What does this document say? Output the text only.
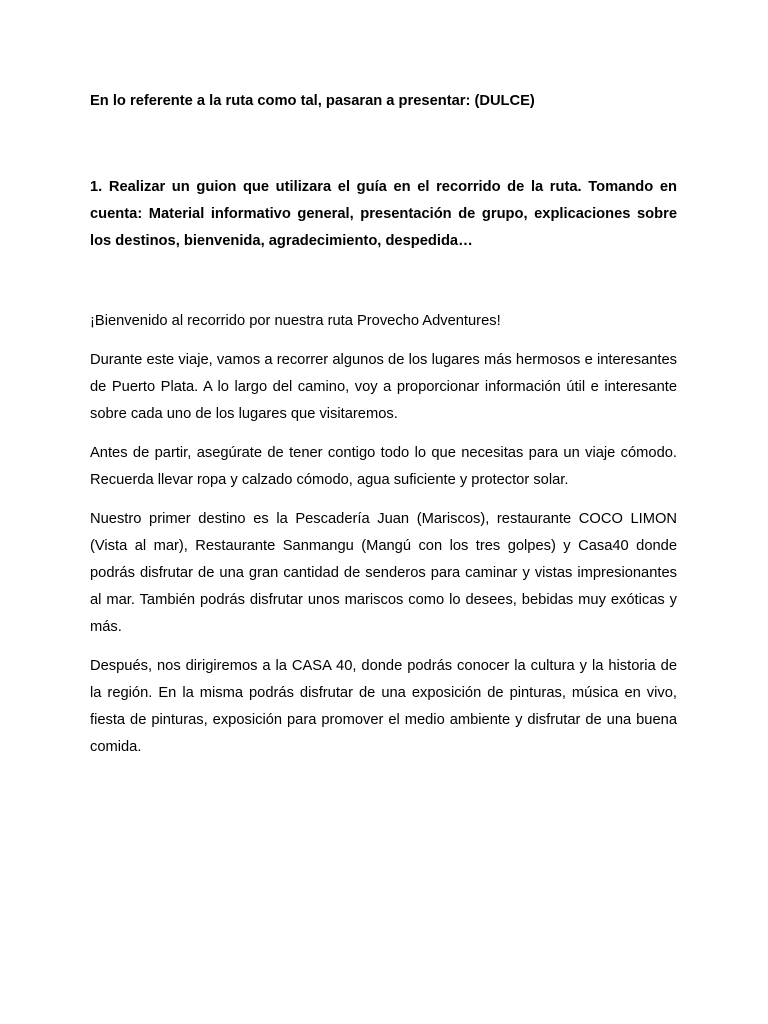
En lo referente a la ruta como tal, pasaran a presentar: (DULCE)

1. Realizar un guion que utilizara el guía en el recorrido de la ruta. Tomando en cuenta: Material informativo general, presentación de grupo, explicaciones sobre los destinos, bienvenida, agradecimiento, despedida…

¡Bienvenido al recorrido por nuestra ruta Provecho Adventures!

Durante este viaje, vamos a recorrer algunos de los lugares más hermosos e interesantes de Puerto Plata. A lo largo del camino, voy a proporcionar información útil e interesante sobre cada uno de los lugares que visitaremos.

Antes de partir, asegúrate de tener contigo todo lo que necesitas para un viaje cómodo. Recuerda llevar ropa y calzado cómodo, agua suficiente y protector solar.

Nuestro primer destino es la Pescadería Juan (Mariscos), restaurante COCO LIMON (Vista al mar), Restaurante Sanmangu (Mangú con los tres golpes) y Casa40 donde podrás disfrutar de una gran cantidad de senderos para caminar y vistas impresionantes al mar. También podrás disfrutar unos mariscos como lo desees, bebidas muy exóticas y más.

Después, nos dirigiremos a la CASA 40, donde podrás conocer la cultura y la historia de la región. En la misma podrás disfrutar de una exposición de pinturas, música en vivo, fiesta de pinturas, exposición para promover el medio ambiente y disfrutar de una buena comida.
